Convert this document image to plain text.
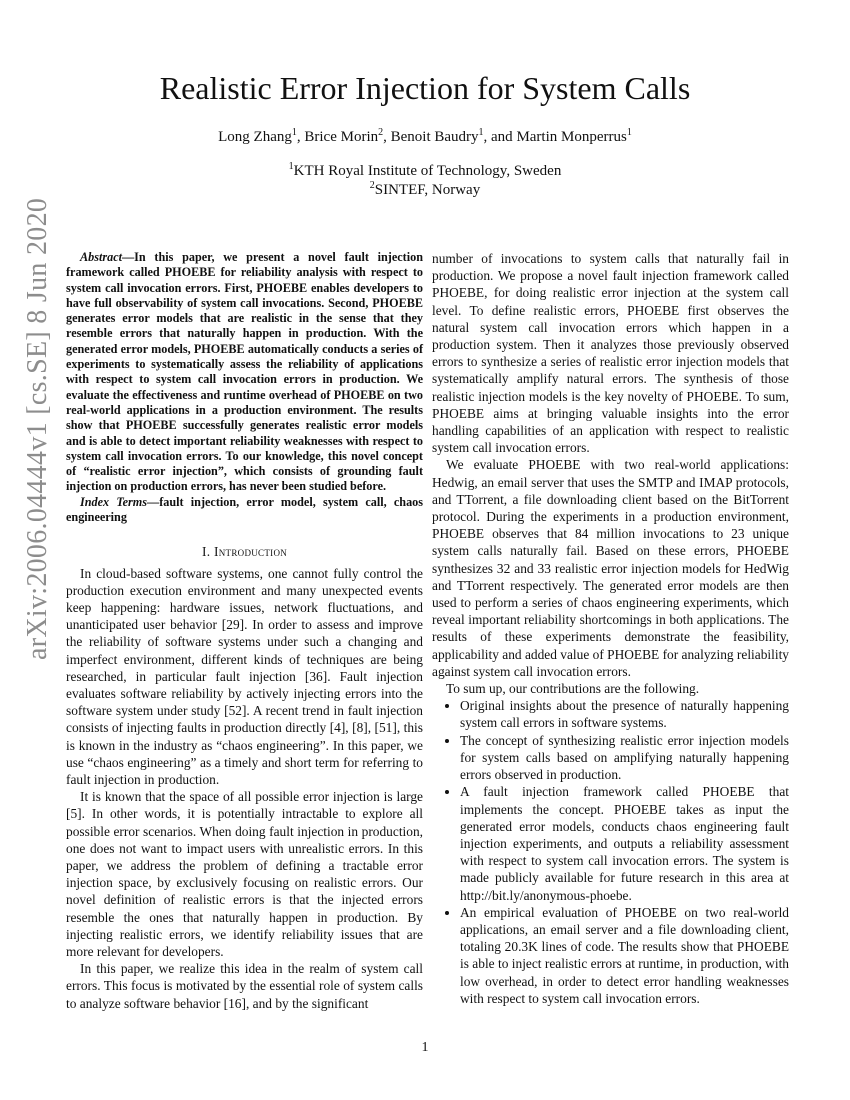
arXiv:2006.04444v1 [cs.SE] 8 Jun 2020
Realistic Error Injection for System Calls
Long Zhang$^1$, Brice Morin$^2$, Benoit Baudry$^1$, and Martin Monperrus$^1$
$^1$KTH Royal Institute of Technology, Sweden
$^2$SINTEF, Norway

Abstract—In this paper, we present a novel fault injection framework called PHOEBE for reliability analysis with respect to system call invocation errors. First, PHOEBE enables developers to have full observability of system call invocations. Second, PHOEBE generates error models that are realistic in the sense that they resemble errors that naturally happen in production. With the generated error models, PHOEBE automatically conducts a series of experiments to systematically assess the reliability of applications with respect to system call invocation errors in production. We evaluate the effectiveness and runtime overhead of PHOEBE on two real-world applications in a production environment. The results show that PHOEBE successfully generates realistic error models and is able to detect important reliability weaknesses with respect to system call invocation errors. To our knowledge, this novel concept of “realistic error injection”, which consists of grounding fault injection on production errors, has never been studied before.

Index Terms—fault injection, error model, system call, chaos engineering

I. Introduction

In cloud-based software systems, one cannot fully control the production execution environment and many unexpected events keep happening: hardware issues, network fluctuations, and unanticipated user behavior [29]. In order to assess and improve the reliability of software systems under such a changing and imperfect environment, different kinds of techniques are being researched, in particular fault injection [36]. Fault injection evaluates software reliability by actively injecting errors into the software system under study [52]. A recent trend in fault injection consists of injecting faults in production directly [4], [8], [51], this is known in the industry as “chaos engineering”. In this paper, we use “chaos engineering” as a timely and short term for referring to fault injection in production.

It is known that the space of all possible error injection is large [5]. In other words, it is potentially intractable to explore all possible error scenarios. When doing fault injection in production, one does not want to impact users with unrealistic errors. In this paper, we address the problem of defining a tractable error injection space, by exclusively focusing on realistic errors. Our novel definition of realistic errors is that the injected errors resemble the ones that naturally happen in production. By injecting realistic errors, we identify reliability issues that are more relevant for developers.

In this paper, we realize this idea in the realm of system call errors. This focus is motivated by the essential role of system calls to analyze software behavior [16], and by the significant

number of invocations to system calls that naturally fail in production. We propose a novel fault injection framework called PHOEBE, for doing realistic error injection at the system call level. To define realistic errors, PHOEBE first observes the natural system call invocation errors which happen in a production system. Then it analyzes those previously observed errors to synthesize a series of realistic error injection models that systematically amplify natural errors. The synthesis of those realistic injection models is the key novelty of PHOEBE. To sum, PHOEBE aims at bringing valuable insights into the error handling capabilities of an application with respect to realistic system call invocation errors.

We evaluate PHOEBE with two real-world applications: Hedwig, an email server that uses the SMTP and IMAP protocols, and TTorrent, a file downloading client based on the BitTorrent protocol. During the experiments in a production environment, PHOEBE observes that 84 million invocations to 23 unique system calls naturally fail. Based on these errors, PHOEBE synthesizes 32 and 33 realistic error injection models for HedWig and TTorrent respectively. The generated error models are then used to perform a series of chaos engineering experiments, which reveal important reliability shortcomings in both applications. The results of these experiments demonstrate the feasibility, applicability and added value of PHOEBE for analyzing reliability against system call invocation errors.

To sum up, our contributions are the following.

• Original insights about the presence of naturally happening system call errors in software systems.
• The concept of synthesizing realistic error injection models for system calls based on amplifying naturally happening errors observed in production.
• A fault injection framework called PHOEBE that implements the concept. PHOEBE takes as input the generated error models, conducts chaos engineering fault injection experiments, and outputs a reliability assessment with respect to system call invocation errors. The system is made publicly available for future research in this area at http://bit.ly/anonymous-phoebe.
• An empirical evaluation of PHOEBE on two real-world applications, an email server and a file downloading client, totaling 20.3K lines of code. The results show that PHOEBE is able to inject realistic errors at runtime, in production, with low overhead, in order to detect error handling weaknesses with respect to system call invocation errors.
1
